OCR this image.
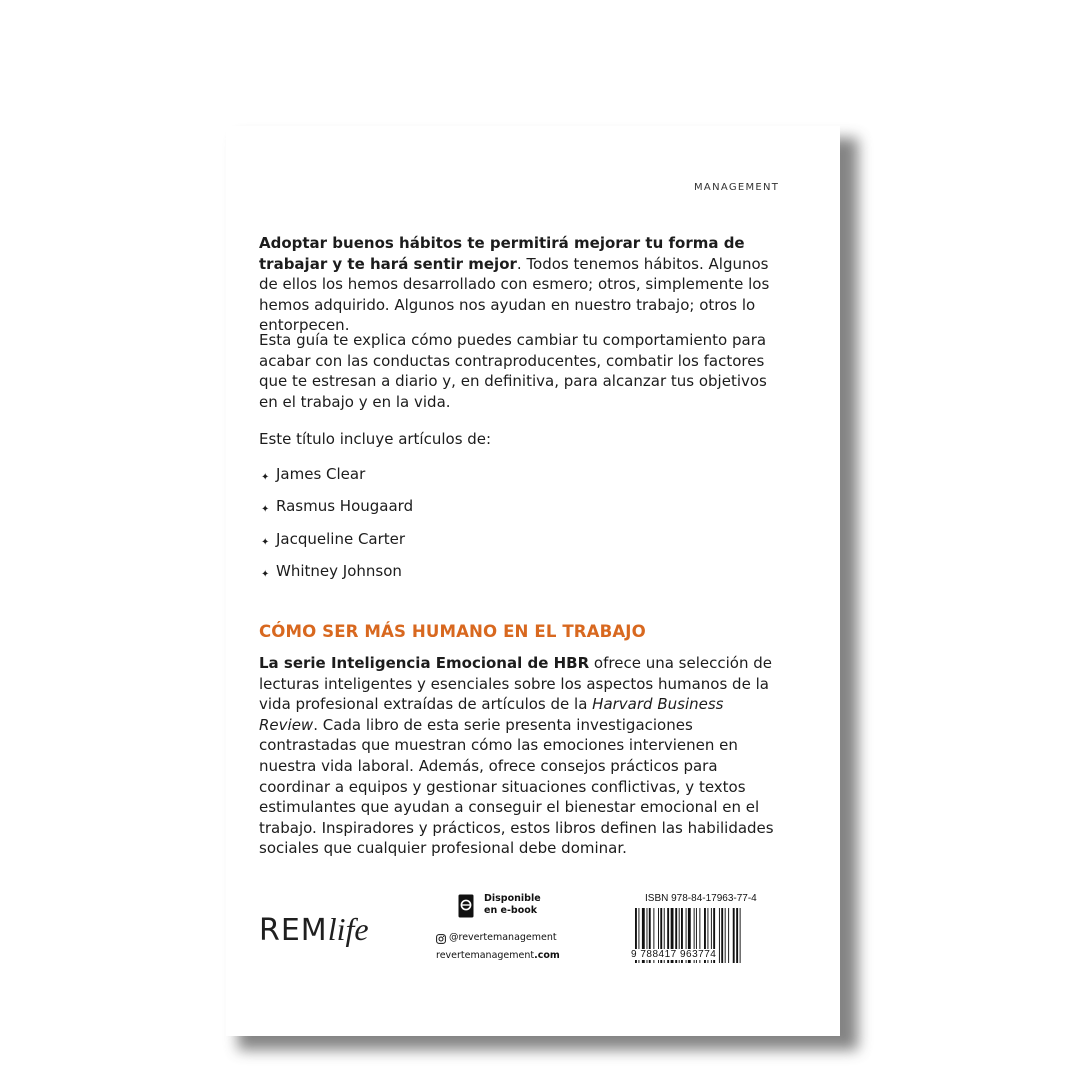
MANAGEMENT

Adoptar buenos hábitos te permitirá mejorar tu forma de trabajar y te hará sentir mejor. Todos tenemos hábitos. Algunos de ellos los hemos desarrollado con esmero; otros, simplemente los hemos adquirido. Algunos nos ayudan en nuestro trabajo; otros lo entorpecen.

Esta guía te explica cómo puedes cambiar tu comportamiento para acabar con las conductas contraproducentes, combatir los factores que te estresan a diario y, en definitiva, para alcanzar tus objetivos en el trabajo y en la vida.

Este título incluye artículos de:

✦ James Clear
✦ Rasmus Hougaard
✦ Jacqueline Carter
✦ Whitney Johnson
CÓMO SER MÁS HUMANO EN EL TRABAJO

La serie Inteligencia Emocional de HBR ofrece una selección de lecturas inteligentes y esenciales sobre los aspectos humanos de la vida profesional extraídas de artículos de la Harvard Business Review. Cada libro de esta serie presenta investigaciones contrastadas que muestran cómo las emociones intervienen en nuestra vida laboral. Además, ofrece consejos prácticos para coordinar a equipos y gestionar situaciones conflictivas, y textos estimulantes que ayudan a conseguir el bienestar emocional en el trabajo. Inspiradores y prácticos, estos libros definen las habilidades sociales que cualquier profesional debe dominar.

REMlife
Disponible
en e-book
@revertemanagement
revertemanagement.com
ISBN 978-84-17963-77-4
9 788417 963774
